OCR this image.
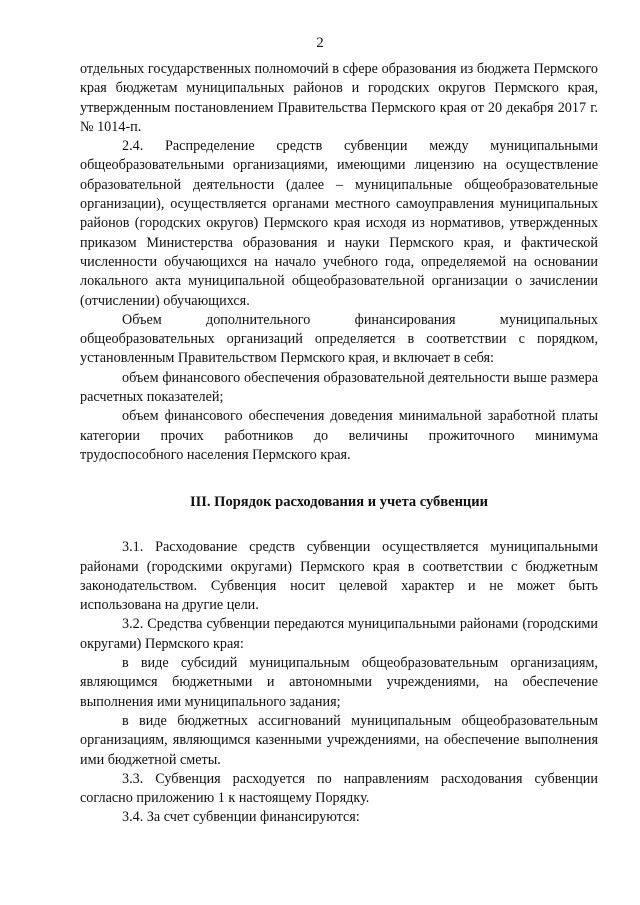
2

отдельных государственных полномочий в сфере образования из бюджета Пермского края бюджетам муниципальных районов и городских округов Пермского края, утвержденным постановлением Правительства Пермского края от 20 декабря 2017 г. № 1014-п.

2.4. Распределение средств субвенции между муниципальными общеобразовательными организациями, имеющими лицензию на осуществление образовательной деятельности (далее – муниципальные общеобразовательные организации), осуществляется органами местного самоуправления муниципальных районов (городских округов) Пермского края исходя из нормативов, утвержденных приказом Министерства образования и науки Пермского края, и фактической численности обучающихся на начало учебного года, определяемой на основании локального акта муниципальной общеобразовательной организации о зачислении (отчислении) обучающихся.

Объем дополнительного финансирования муниципальных общеобразовательных организаций определяется в соответствии с порядком, установленным Правительством Пермского края, и включает в себя:

объем финансового обеспечения образовательной деятельности выше размера расчетных показателей;

объем финансового обеспечения доведения минимальной заработной платы категории прочих работников до величины прожиточного минимума трудоспособного населения Пермского края.

III. Порядок расходования и учета субвенции

3.1. Расходование средств субвенции осуществляется муниципальными районами (городскими округами) Пермского края в соответствии с бюджетным законодательством. Субвенция носит целевой характер и не может быть использована на другие цели.

3.2. Средства субвенции передаются муниципальными районами (городскими округами) Пермского края:

в виде субсидий муниципальным общеобразовательным организациям, являющимся бюджетными и автономными учреждениями, на обеспечение выполнения ими муниципального задания;

в виде бюджетных ассигнований муниципальным общеобразовательным организациям, являющимся казенными учреждениями, на обеспечение выполнения ими бюджетной сметы.

3.3. Субвенция расходуется по направлениям расходования субвенции согласно приложению 1 к настоящему Порядку.

3.4. За счет субвенции финансируются:
